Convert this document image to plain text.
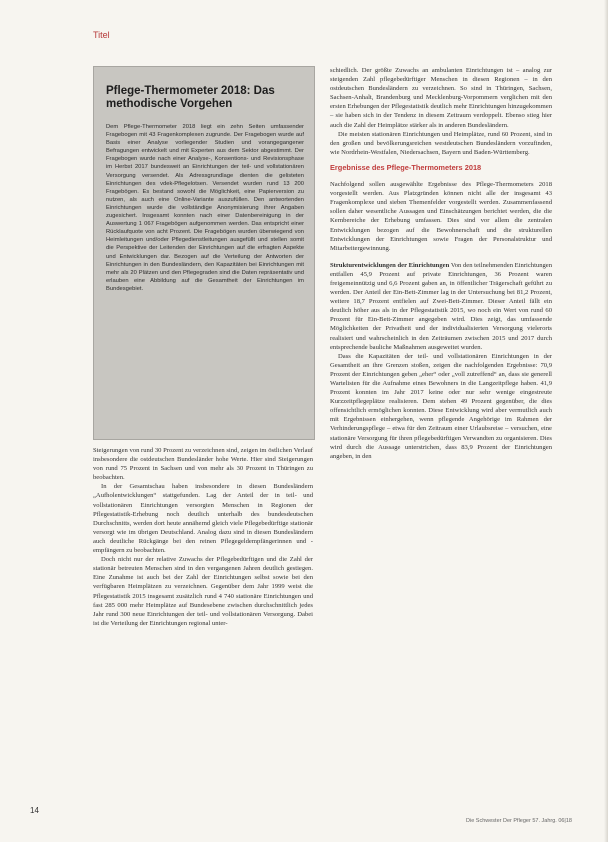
Titel
Pflege-Thermometer 2018: Das methodische Vorgehen

Dem Pflege-Thermometer 2018 liegt ein zehn Seiten umfassender Fragebogen mit 43 Fragenkomplexen zugrunde. Der Fragebogen wurde auf Basis einer Analyse vorliegender Studien und vorangegangener Befragungen entwickelt und mit Experten aus dem Sektor abgestimmt. Der Fragebogen wurde nach einer Analyse-, Konsentions- und Revisionsphase im Herbst 2017 bundesweit an Einrichtungen der teil- und vollstationären Versorgung versendet. Als Adressgrundlage dienten die gelisteten Einrichtungen des vdek-Pflegelotsen. Versendet wurden rund 13 200 Fragebögen. Es bestand sowohl die Möglichkeit, eine Papierversion zu nutzen, als auch eine Online-Variante auszufüllen. Den antwortenden Einrichtungen wurde die vollständige Anonymisierung ihrer Angaben zugesichert. Insgesamt konnten nach einer Datenbereinigung in der Auswertung 1 067 Fragebögen aufgenommen werden. Das entspricht einer Rücklaufquote von acht Prozent. Die Fragebögen wurden überwiegend von Heimleitungen und/oder Pflegedienstleitungen ausgefüllt und stellen somit die Perspektive der Leitenden der Einrichtungen auf die erfragten Aspekte und Entwicklungen dar. Bezogen auf die Verteilung der Antworten der Einrichtungen in den Bundesländern, den Kapazitäten bei Einrichtungen mit mehr als 20 Plätzen und den Pflegegraden sind die Daten repräsentativ und erlauben eine Abbildung auf die Gesamtheit der Einrichtungen im Bundesgebiet.

Steigerungen von rund 30 Prozent zu verzeichnen sind, zeigen im östlichen Verlauf insbesondere die ostdeutschen Bundesländer hohe Werte. Hier sind Steigerungen von rund 75 Prozent in Sachsen und von mehr als 30 Prozent in Thüringen zu beobachten.

In der Gesamtschau haben insbesondere in diesen Bundesländern „Aufholentwicklungen“ stattgefunden. Lag der Anteil der in teil- und vollstationären Einrichtungen versorgten Menschen in Regionen der Pflegestatistik-Erhebung noch deutlich unterhalb des bundesdeutschen Durchschnitts, werden dort heute annähernd gleich viele Pflegebedürftige stationär versorgt wie im übrigen Deutschland. Analog dazu sind in diesen Bundesländern auch deutliche Rückgänge bei den reinen Pflegegeldempfängerinnen und -empfängern zu beobachten.

Doch nicht nur der relative Zuwachs der Pflegebedürftigen und die Zahl der stationär betreuten Menschen sind in den vergangenen Jahren deutlich gestiegen. Eine Zunahme ist auch bei der Zahl der Einrichtungen selbst sowie bei den verfügbaren Heimplätzen zu verzeichnen. Gegenüber dem Jahr 1999 weist die Pflegestatistik 2015 insgesamt zusätzlich rund 4 740 stationäre Einrichtungen und fast 285 000 mehr Heimplätze auf Bundesebene zwischen durchschnittlich jedes Jahr rund 300 neue Einrichtungen der teil- und vollstationären Versorgung. Dabei ist die Verteilung der Einrichtungen regional unter-

schiedlich. Der größte Zuwachs an ambulanten Einrichtungen ist – analog zur steigenden Zahl pflegebedürftiger Menschen in diesen Regionen – in den ostdeutschen Bundesländern zu verzeichnen. So sind in Thüringen, Sachsen, Sachsen-Anhalt, Brandenburg und Mecklenburg-Vorpommern verglichen mit den ersten Erhebungen der Pflegestatistik deutlich mehr Einrichtungen hinzugekommen – sie haben sich in der Tendenz in diesem Zeitraum verdoppelt. Ebenso stieg hier auch die Zahl der Heimplätze stärker als in anderen Bundesländern.

Die meisten stationären Einrichtungen und Heimplätze, rund 60 Prozent, sind in den großen und bevölkerungsreichen westdeutschen Bundesländern vorzufinden, wie Nordrhein-Westfalen, Niedersachsen, Bayern und Baden-Württemberg.

Ergebnisse des Pflege-Thermometers 2018

Nachfolgend sollen ausgewählte Ergebnisse des Pflege-Thermometers 2018 vorgestellt werden. Aus Platzgründen können nicht alle der insgesamt 43 Fragenkomplexe und sieben Themenfelder vorgestellt werden. Zusammenfassend sollen daher wesentliche Aussagen und Einschätzungen berichtet werden, die die Kernbereiche der Erhebung umfassen. Dies sind vor allem die zentralen Entwicklungen bezogen auf die Bewohnerschaft und die strukturellen Entwicklungen der Einrichtungen sowie Fragen der Personalstruktur und Mitarbeitergewinnung.

Strukturentwicklungen der Einrichtungen Von den teilnehmenden Einrichtungen entfallen 45,9 Prozent auf private Einrichtungen, 36 Prozent waren freigemeinnützig und 6,6 Prozent gaben an, in öffentlicher Trägerschaft geführt zu werden. Der Anteil der Ein-Bett-Zimmer lag in der Untersuchung bei 81,2 Prozent, weitere 18,7 Prozent entfielen auf Zwei-Bett-Zimmer. Dieser Anteil fällt ein deutlich höher aus als in der Pflegestatistik 2015, wo noch ein Wert von rund 60 Prozent für Ein-Bett-Zimmer angegeben wird. Dies zeigt, das umfassende Möglichkeiten der Privatheit und der individualisierten Versorgung vielerorts realisiert und wahrscheinlich in den Zeiträumen zwischen 2015 und 2017 durch entsprechende bauliche Maßnahmen ausgeweitet wurden.

Dass die Kapazitäten der teil- und vollstationären Einrichtungen in der Gesamtheit an ihre Grenzen stoßen, zeigen die nachfolgenden Ergebnisse: 70,9 Prozent der Einrichtungen geben „eher“ oder „voll zutreffend“ an, dass sie generell Wartelisten für die Aufnahme eines Bewohners in die Langzeitpflege haben. 41,9 Prozent konnten im Jahr 2017 keine oder nur sehr wenige eingestreute Kurzzeitpflegeplätze realisieren. Dem stehen 49 Prozent gegenüber, die dies offensichtlich ermöglichen konnten. Diese Entwicklung wird aber vermutlich auch mit Ergebnissen einhergehen, wenn pflegende Angehörige im Rahmen der Verhinderungspflege – etwa für den Zeitraum einer Urlaubsreise – versuchen, eine stationäre Versorgung für ihren pflegebedürftigen Verwandten zu organisieren. Dies wird durch die Aussage unterstrichen, dass 83,9 Prozent der Einrichtungen angeben, in den

14
Die Schwester Der Pfleger 57. Jahrg. 06|18
